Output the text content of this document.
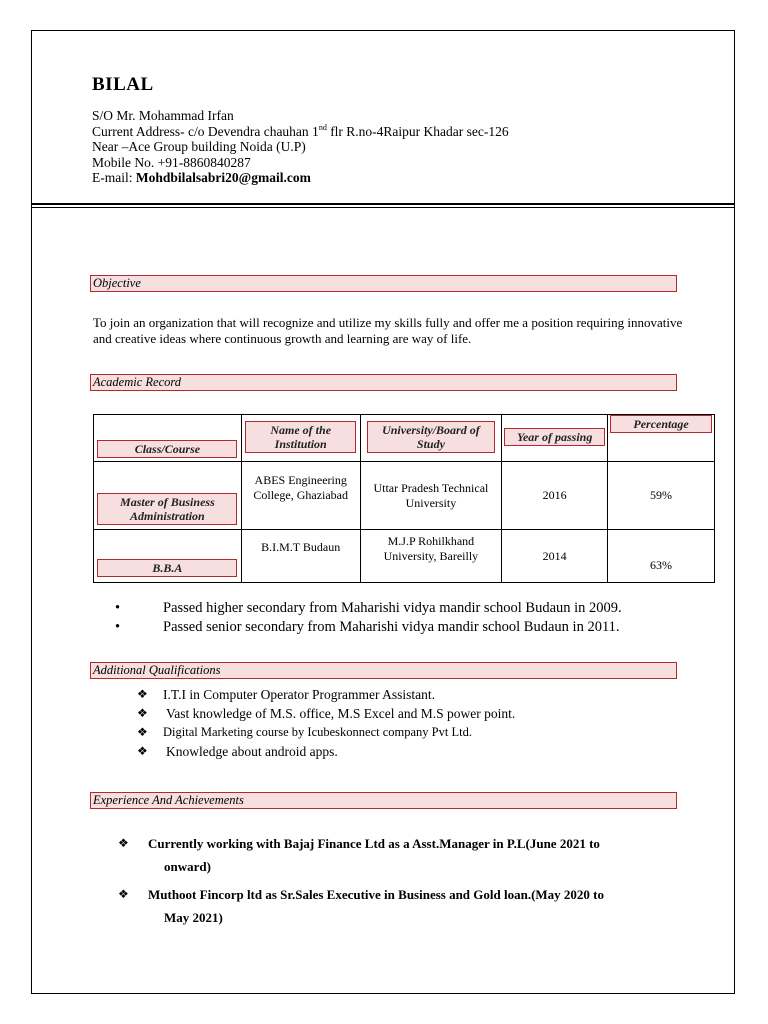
BILAL
S/O Mr. Mohammad Irfan
Current Address- c/o Devendra chauhan 1nd flr R.no-4Raipur Khadar sec-126
Near –Ace Group building Noida (U.P)
Mobile No. +91-8860840287
E-mail: Mohdbilalsabri20@gmail.com
Objective
To join an organization that will recognize and utilize my skills fully and offer me a position requiring innovative and creative ideas where continuous growth and learning are way of life.
Academic Record
Class/Course	Name of the Institution	University/Board of Study	Year of passing	Percentage
Master of Business Administration	ABES Engineering College, Ghaziabad	Uttar Pradesh Technical University	2016	59%
B.B.A	B.I.M.T Budaun	M.J.P Rohilkhand University, Bareilly	2014	63%
•	Passed higher secondary from Maharishi vidya mandir school Budaun in 2009.
•	Passed senior secondary from Maharishi vidya mandir school Budaun in 2011.
Additional Qualifications
❖	I.T.I in Computer Operator Programmer Assistant.
❖	Vast knowledge of M.S. office, M.S Excel and M.S power point.
❖	Digital Marketing course by Icubeskonnect company Pvt Ltd.
❖	Knowledge about android apps.
Experience And Achievements
❖	Currently working with Bajaj Finance Ltd as a Asst.Manager in P.L(June 2021 to
onward)
❖	Muthoot Fincorp ltd as Sr.Sales Executive in Business and Gold loan.(May 2020 to
May 2021)
